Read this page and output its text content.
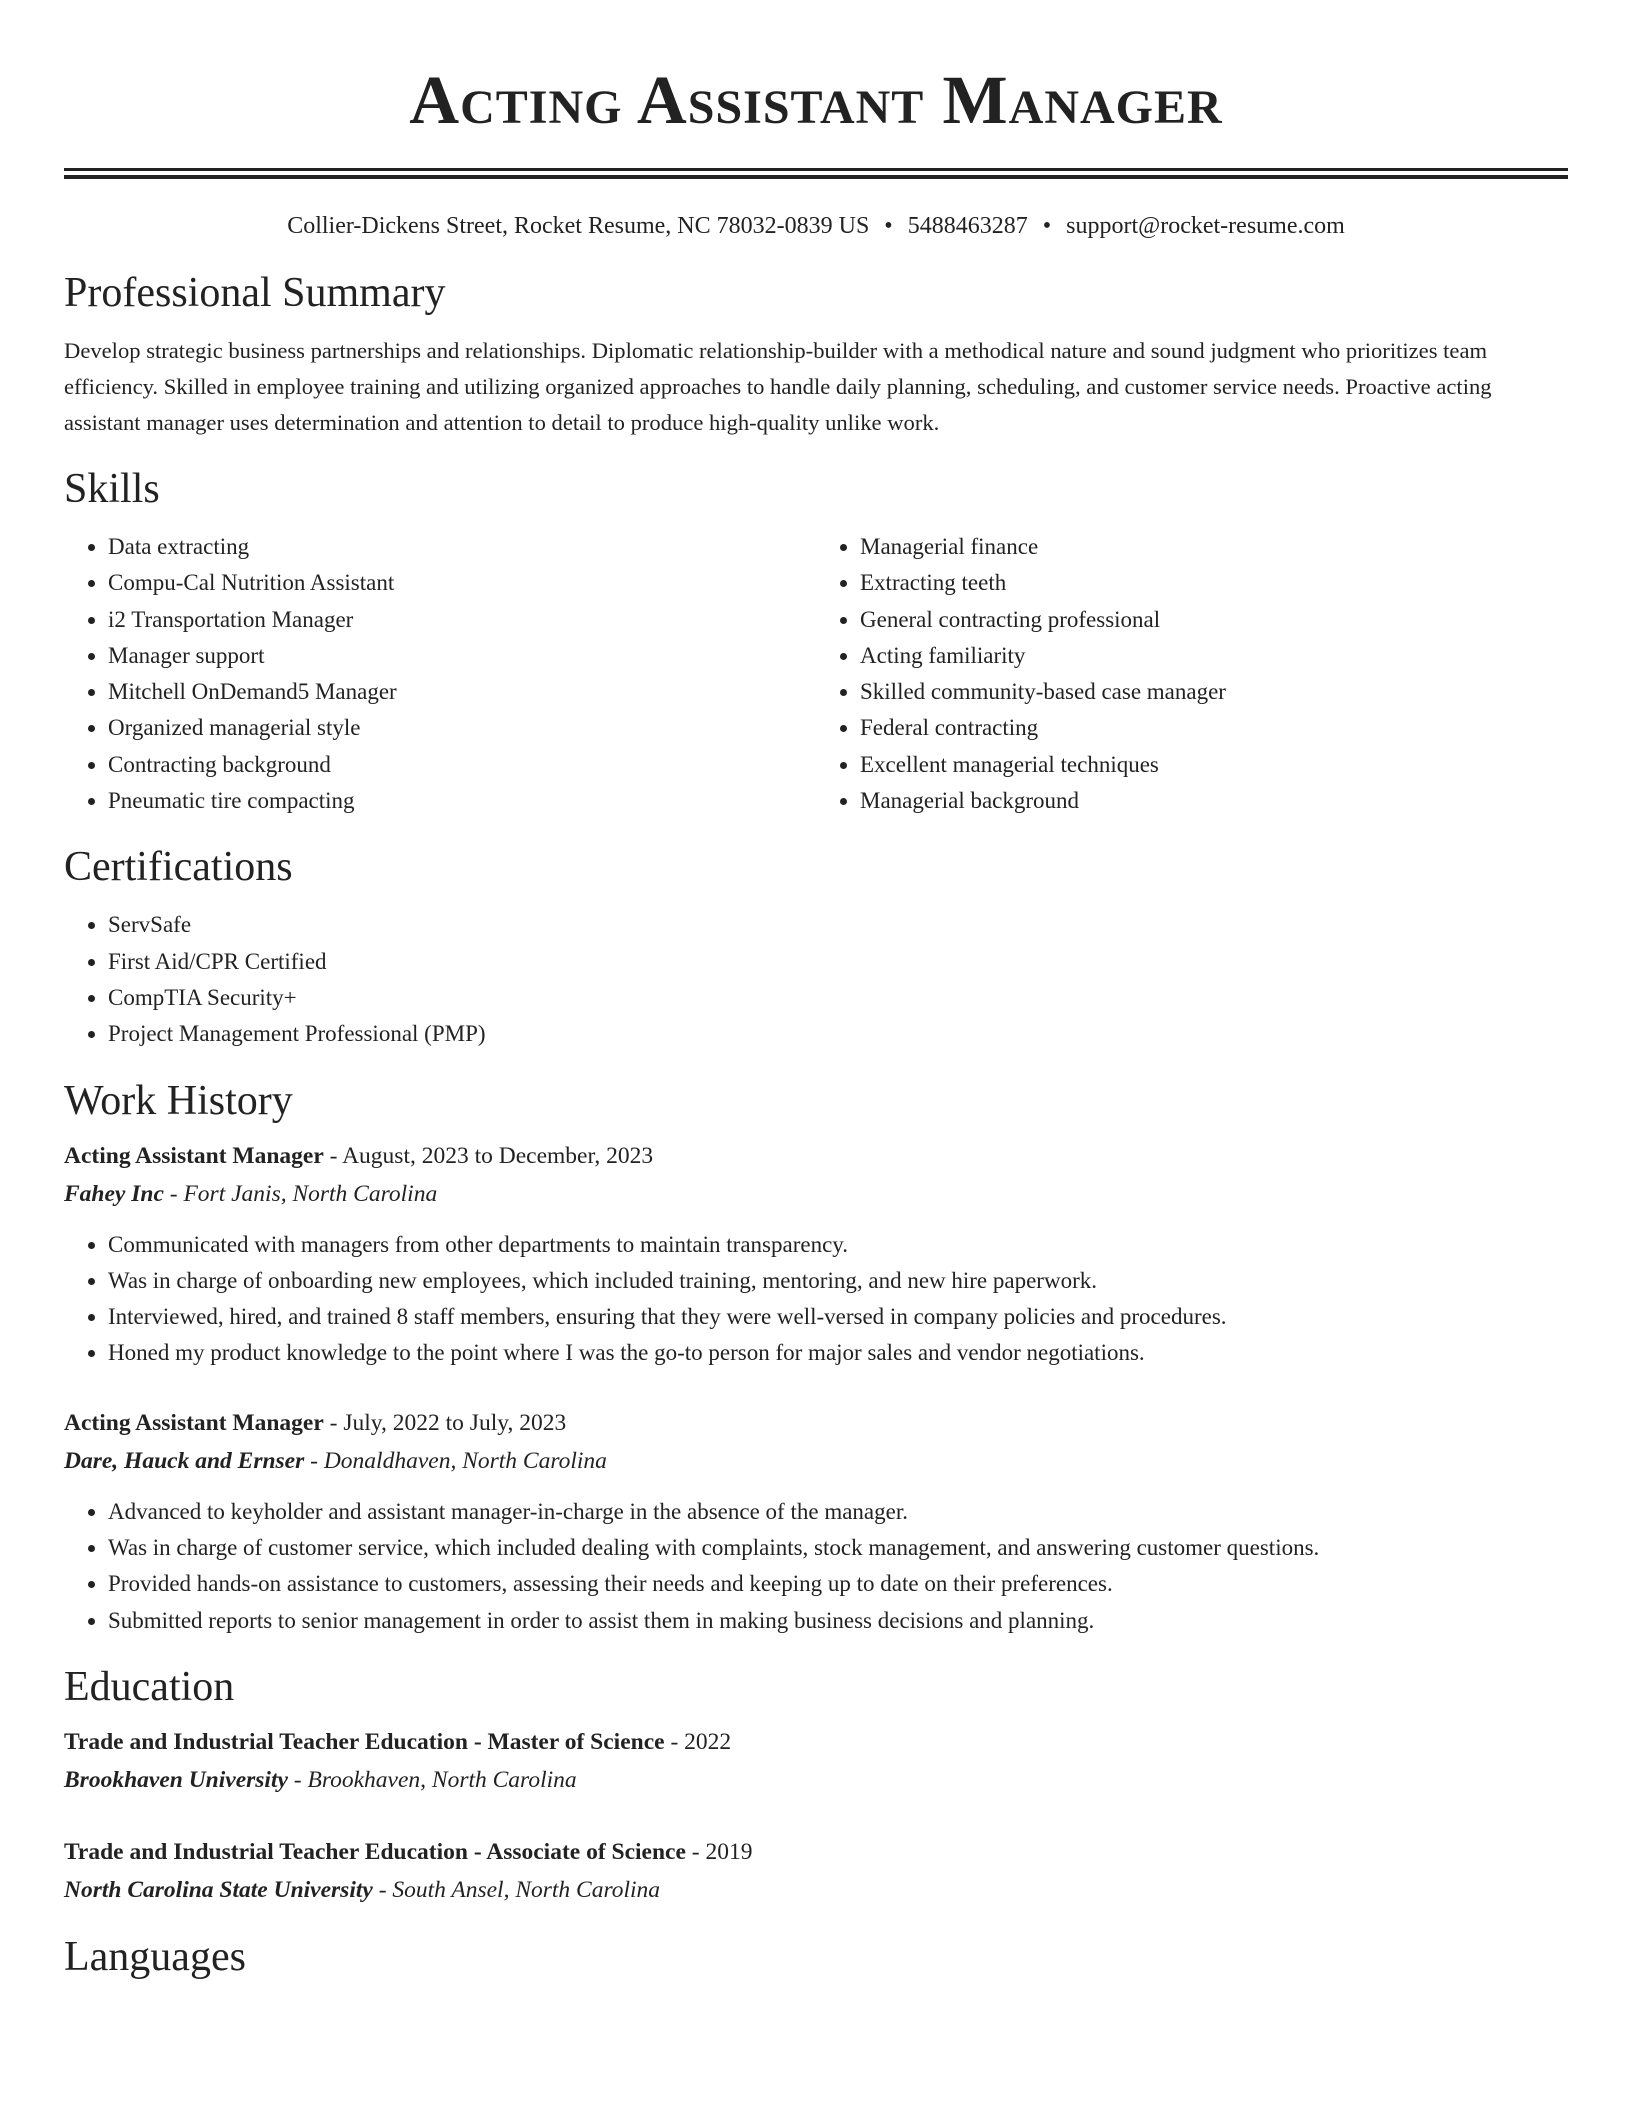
Acting Assistant Manager
Collier-Dickens Street, Rocket Resume, NC 78032-0839 US • 5488463287 • support@rocket-resume.com
Professional Summary

Develop strategic business partnerships and relationships. Diplomatic relationship-builder with a methodical nature and sound judgment who prioritizes team efficiency. Skilled in employee training and utilizing organized approaches to handle daily planning, scheduling, and customer service needs. Proactive acting assistant manager uses determination and attention to detail to produce high-quality unlike work.

Skills
• Data extracting
• Compu-Cal Nutrition Assistant
• i2 Transportation Manager
• Manager support
• Mitchell OnDemand5 Manager
• Organized managerial style
• Contracting background
• Pneumatic tire compacting
• Managerial finance
• Extracting teeth
• General contracting professional
• Acting familiarity
• Skilled community-based case manager
• Federal contracting
• Excellent managerial techniques
• Managerial background
Certifications
• ServSafe
• First Aid/CPR Certified
• CompTIA Security+
• Project Management Professional (PMP)
Work History
Acting Assistant Manager - August, 2023 to December, 2023
Fahey Inc - Fort Janis, North Carolina
• Communicated with managers from other departments to maintain transparency.
• Was in charge of onboarding new employees, which included training, mentoring, and new hire paperwork.
• Interviewed, hired, and trained 8 staff members, ensuring that they were well-versed in company policies and procedures.
• Honed my product knowledge to the point where I was the go-to person for major sales and vendor negotiations.
Acting Assistant Manager - July, 2022 to July, 2023
Dare, Hauck and Ernser - Donaldhaven, North Carolina
• Advanced to keyholder and assistant manager-in-charge in the absence of the manager.
• Was in charge of customer service, which included dealing with complaints, stock management, and answering customer questions.
• Provided hands-on assistance to customers, assessing their needs and keeping up to date on their preferences.
• Submitted reports to senior management in order to assist them in making business decisions and planning.
Education
Trade and Industrial Teacher Education - Master of Science - 2022
Brookhaven University - Brookhaven, North Carolina
Trade and Industrial Teacher Education - Associate of Science - 2019
North Carolina State University - South Ansel, North Carolina
Languages
